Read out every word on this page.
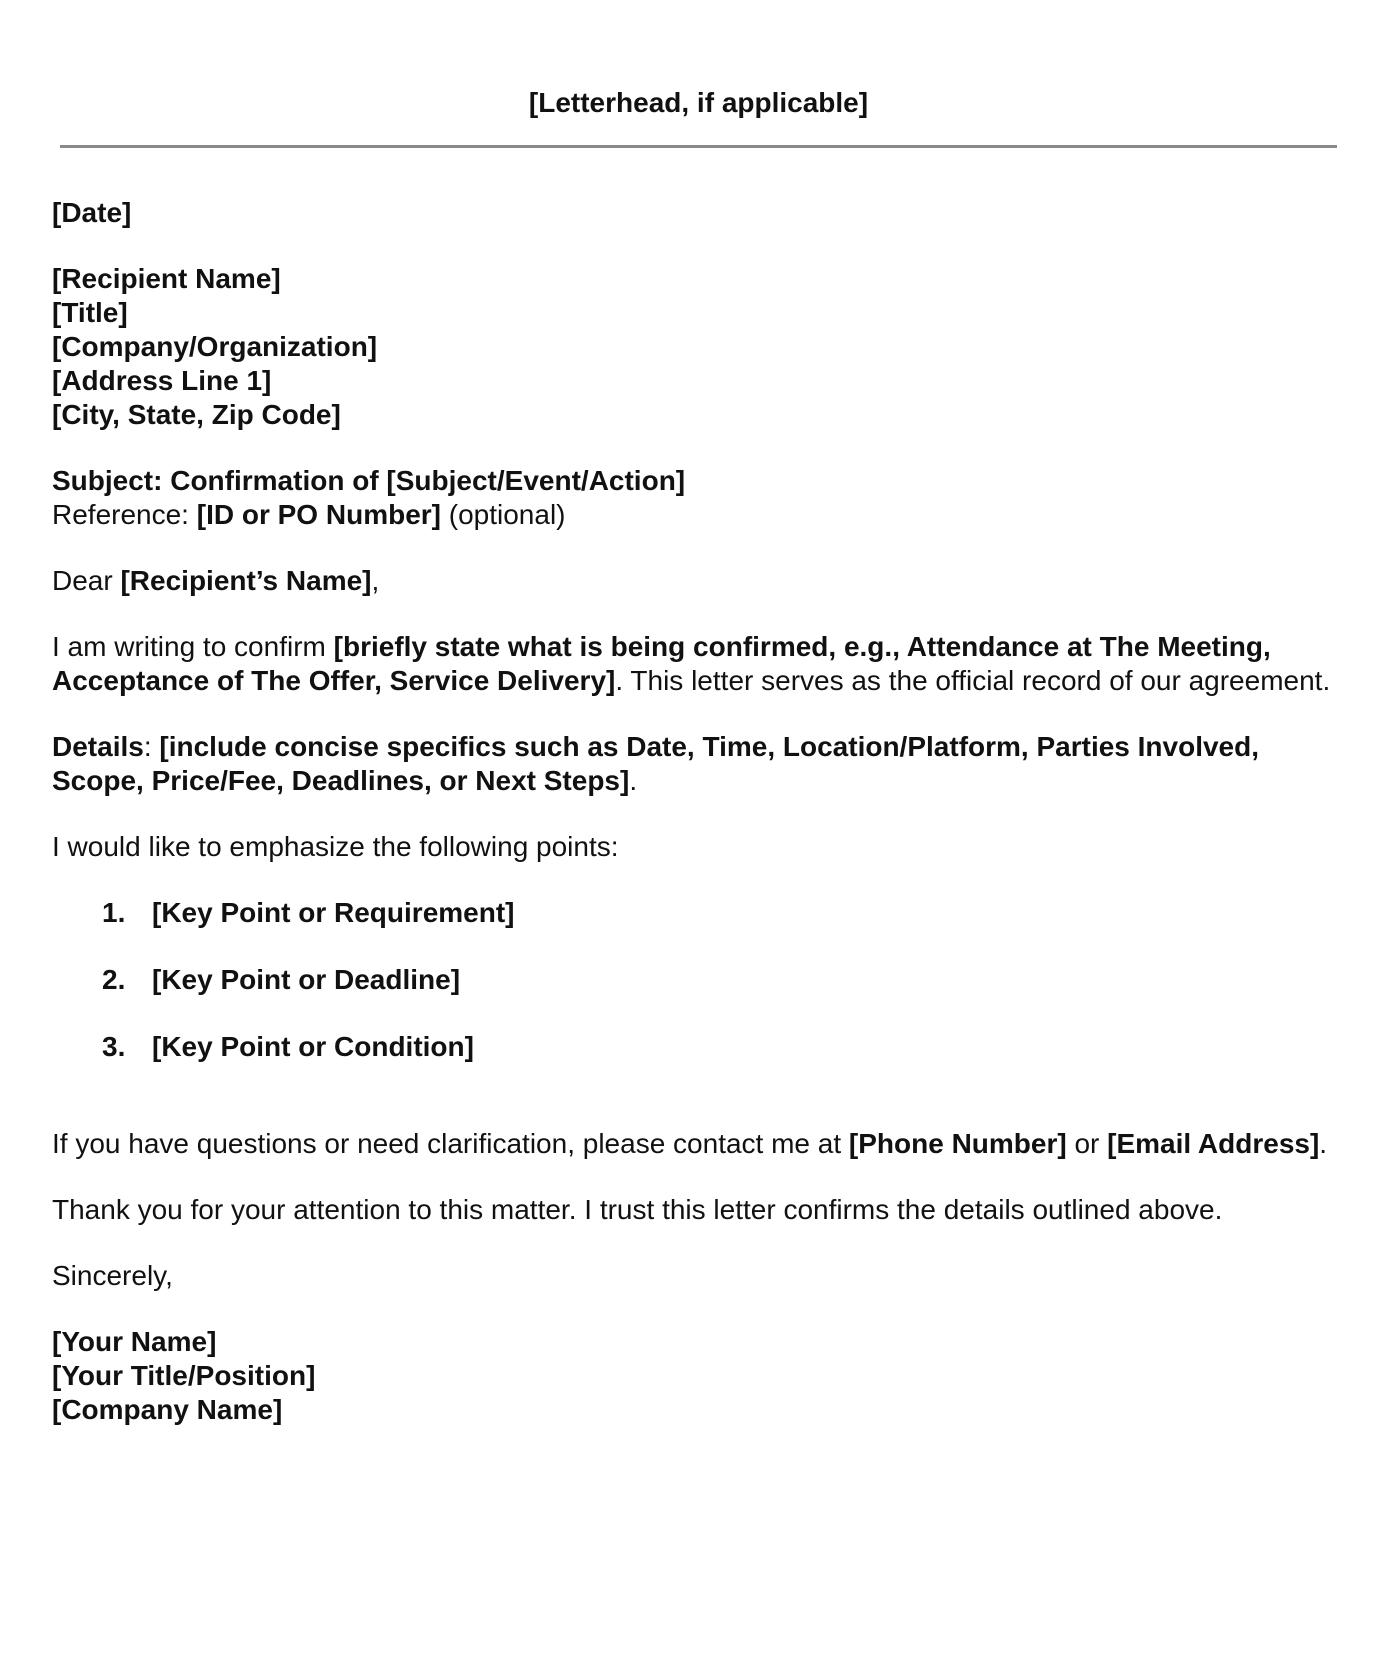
[Letterhead, if applicable]

[Date]

[Recipient Name]

[Title]

[Company/Organization]

[Address Line 1]

[City, State, Zip Code]

Subject: Confirmation of [Subject/Event/Action]

Reference: [ID or PO Number] (optional)

Dear [Recipient’s Name],

I am writing to confirm [briefly state what is being confirmed, e.g., Attendance at The Meeting, Acceptance of The Offer, Service Delivery]. This letter serves as the official record of our agreement.

Details: [include concise specifics such as Date, Time, Location/Platform, Parties Involved, Scope, Price/Fee, Deadlines, or Next Steps].

I would like to emphasize the following points:

1. [Key Point or Requirement]
2. [Key Point or Deadline]
3. [Key Point or Condition]

If you have questions or need clarification, please contact me at [Phone Number] or [Email Address].

Thank you for your attention to this matter. I trust this letter confirms the details outlined above.

Sincerely,

[Your Name]

[Your Title/Position]

[Company Name]
